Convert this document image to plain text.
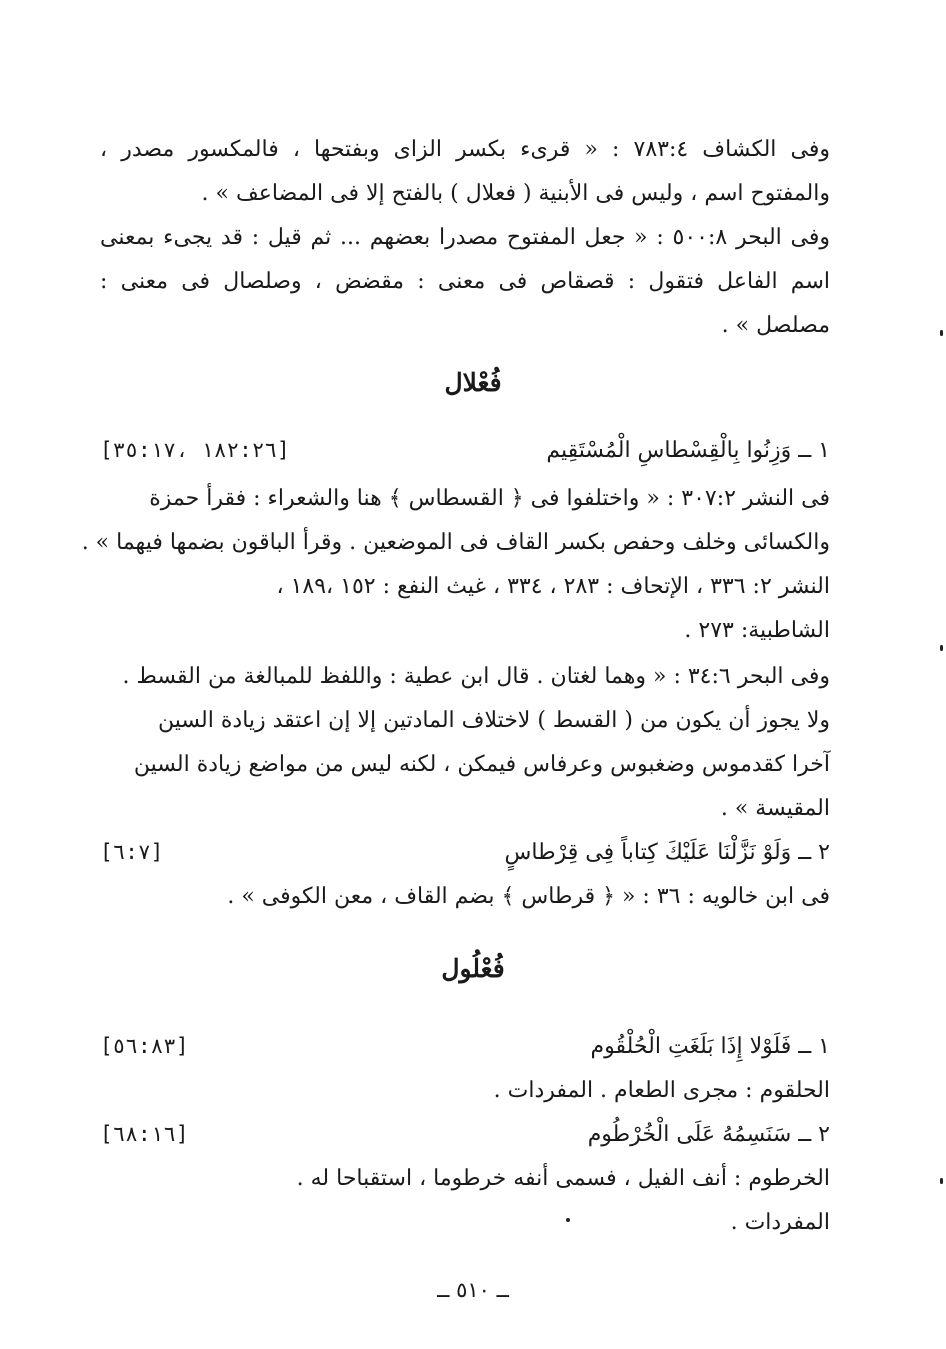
وفى الكشاف ٧٨٣:٤ : « قرىء بكسر الزاى وبفتحها ، فالمكسور مصدر ، والمفتوح اسم ، وليس فى الأبنية ( فعلال ) بالفتح إلا فى المضاعف » .
وفى البحر ٥٠٠:٨ : « جعل المفتوح مصدرا بعضهم ... ثم قيل : قد يجىء بمعنى اسم الفاعل فتقول : قصقاص فى معنى : مقضض ، وصلصال فى معنى : مصلصل » .
فُعْلال
١ ــ وَزِنُوا بِالْقِسْطاسِ الْمُسْتَقِيم
[١٨٢:٢٦ ،٣٥:١٧]
فى النشر ٣٠٧:٢ : « واختلفوا فى ﴿ القسطاس ﴾ هنا والشعراء : فقرأ حمزة
والكسائى وخلف وحفص بكسر القاف فى الموضعين . وقرأ الباقون بضمها فيهما » .
النشر ٢: ٣٣٦ ، الإتحاف : ٢٨٣ ، ٣٣٤ ، غيث النفع : ١٥٢ ،١٨٩ ،
الشاطبية: ٢٧٣ .
وفى البحر ٣٤:٦ : « وهما لغتان . قال ابن عطية : واللفظ للمبالغة من القسط .
ولا يجوز أن يكون من ( القسط ) لاختلاف المادتين إلا إن اعتقد زيادة السين
آخرا كقدموس وضغبوس وعرفاس فيمكن ، لكنه ليس من مواضع زيادة السين
المقيسة » .
٢ ــ وَلَوْ نَزَّلْنَا عَلَيْكَ كِتاباً فِى قِرْطاسٍ
[٦:٧]
فى ابن خالويه : ٣٦ : « ﴿ قرطاس ﴾ بضم القاف ، معن الكوفى » .
فُعْلُول
١ ــ فَلَوْلا إِذَا بَلَغَتِ الْحُلْقُوم
[٥٦:٨٣]
الحلقوم : مجرى الطعام . المفردات .
٢ ــ سَنَسِمُهُ عَلَى الْخُرْطُوم
[٦٨:١٦]
الخرطوم : أنف الفيل ، فسمى أنفه خرطوما ، استقباحا له .
المفردات .
ــ ٥١٠ ــ
